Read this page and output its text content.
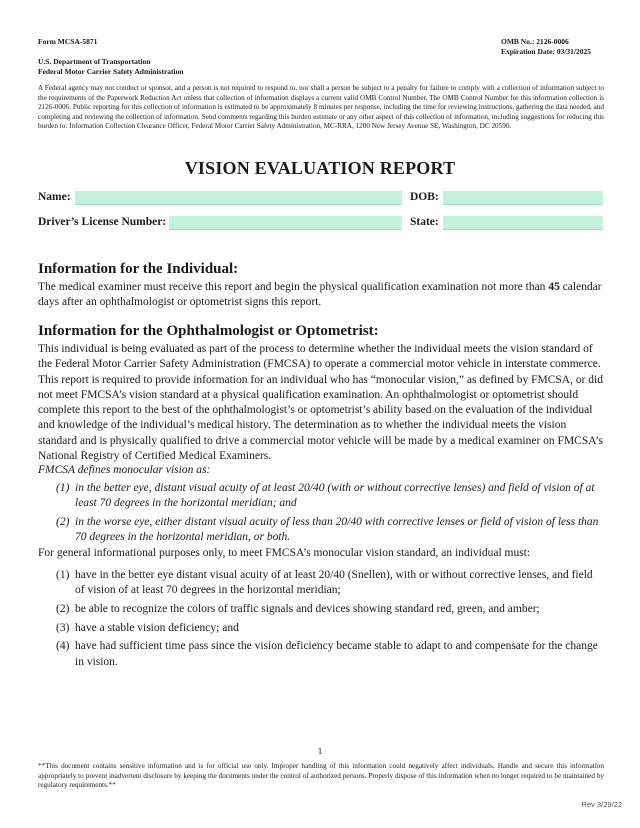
Form MCSA-5871
U.S. Department of Transportation
Federal Motor Carrier Safety Administration
OMB No.: 2126-0006
Expiration Date: 03/31/2025
A Federal agency may not conduct or sponsor, and a person is not required to respond to, nor shall a person be subject to a penalty for failure to comply with a collection of information subject to the requirements of the Paperwork Reduction Act unless that collection of information displays a current valid OMB Control Number. The OMB Control Number for this information collection is 2126-0006. Public reporting for this collection of information is estimated to be approximately 8 minutes per response, including the time for reviewing instructions, gathering the data needed, and completing and reviewing the collection of information. Send comments regarding this burden estimate or any other aspect of this collection of information, including suggestions for reducing this burden to: Information Collection Clearance Officer, Federal Motor Carrier Safety Administration, MC-RRA, 1200 New Jersey Avenue SE, Washington, DC 20590.
VISION EVALUATION REPORT
Name:	DOB:
Driver’s License Number:	State:
Information for the Individual:
The medical examiner must receive this report and begin the physical qualification examination not more than 45 calendar days after an ophthalmologist or optometrist signs this report.
Information for the Ophthalmologist or Optometrist:
This individual is being evaluated as part of the process to determine whether the individual meets the vision standard of the Federal Motor Carrier Safety Administration (FMCSA) to operate a commercial motor vehicle in interstate commerce. This report is required to provide information for an individual who has “monocular vision,” as defined by FMCSA, or did not meet FMCSA’s vision standard at a physical qualification examination. An ophthalmologist or optometrist should complete this report to the best of the ophthalmologist’s or optometrist’s ability based on the evaluation of the individual and knowledge of the individual’s medical history. The determination as to whether the individual meets the vision standard and is physically qualified to drive a commercial motor vehicle will be made by a medical examiner on FMCSA’s National Registry of Certified Medical Examiners.
FMCSA defines monocular vision as:
(1) in the better eye, distant visual acuity of at least 20/40 (with or without corrective lenses) and field of vision of at least 70 degrees in the horizontal meridian; and
(2) in the worse eye, either distant visual acuity of less than 20/40 with corrective lenses or field of vision of less than 70 degrees in the horizontal meridian, or both.
For general informational purposes only, to meet FMCSA’s monocular vision standard, an individual must:
(1) have in the better eye distant visual acuity of at least 20/40 (Snellen), with or without corrective lenses, and field of vision of at least 70 degrees in the horizontal meridian;
(2) be able to recognize the colors of traffic signals and devices showing standard red, green, and amber;
(3) have a stable vision deficiency; and
(4) have had sufficient time pass since the vision deficiency became stable to adapt to and compensate for the change in vision.
1
**This document contains sensitive information and is for official use only. Improper handling of this information could negatively affect individuals. Handle and secure this information appropriately to prevent inadvertent disclosure by keeping the documents under the control of authorized persons. Properly dispose of this information when no longer required to be maintained by regulatory requirements.**
Rev 3/29/22
